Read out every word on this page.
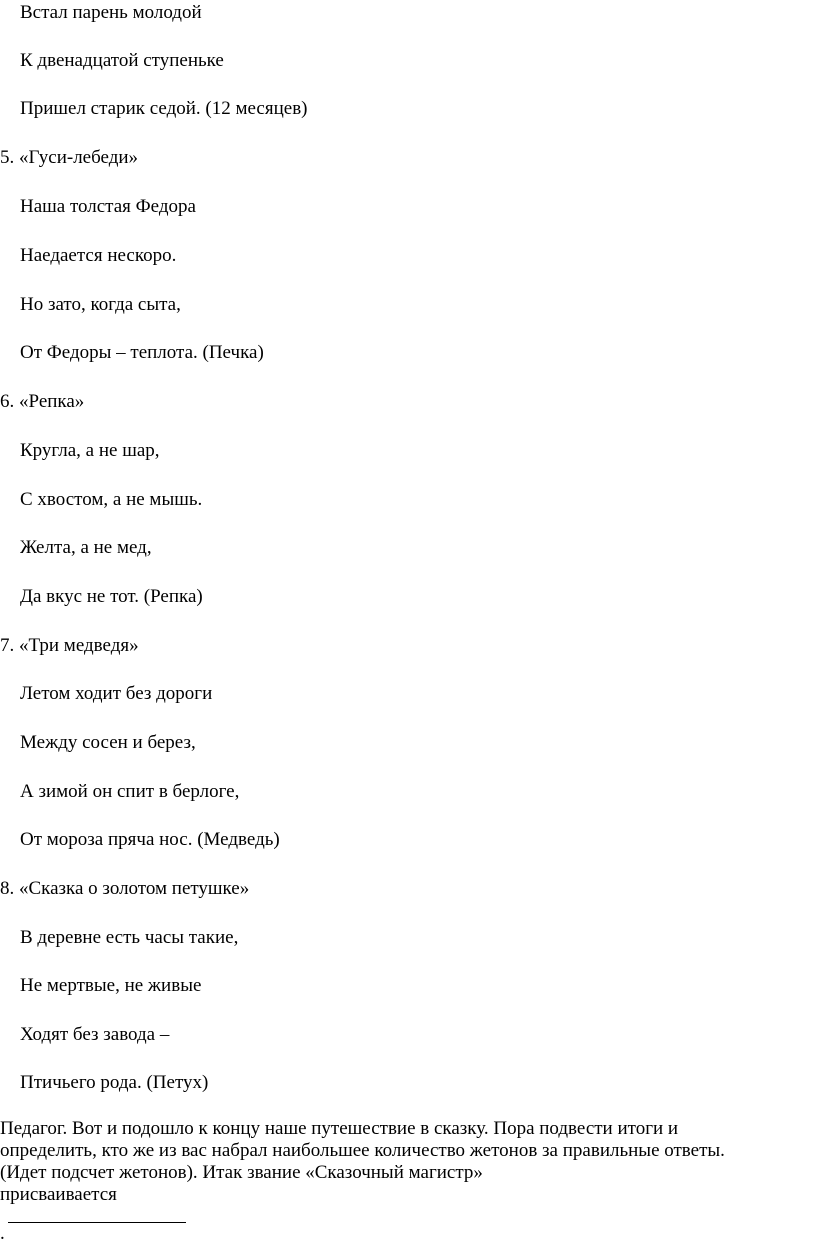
Встал парень молодой
К двенадцатой ступеньке
Пришел старик седой. (12 месяцев)
5. «Гуси-лебеди»
Наша толстая Федора
Наедается нескоро.
Но зато, когда сыта,
От Федоры – теплота. (Печка)
6. «Репка»
Кругла, а не шар,
С хвостом, а не мышь.
Желта, а не мед,
Да вкус не тот. (Репка)
7. «Три медведя»
Летом ходит без дороги
Между сосен и берез,
А зимой он спит в берлоге,
От мороза пряча нос. (Медведь)
8. «Сказка о золотом петушке»
В деревне есть часы такие,
Не мертвые, не живые
Ходят без завода –
Птичьего рода. (Петух)
Педагог. Вот и подошло к концу наше путешествие в сказку. Пора подвести итоги и
определить, кто же из вас набрал наибольшее количество жетонов за правильные ответы.
(Идет подсчет жетонов). Итак звание «Сказочный магистр»
присваивается
.
